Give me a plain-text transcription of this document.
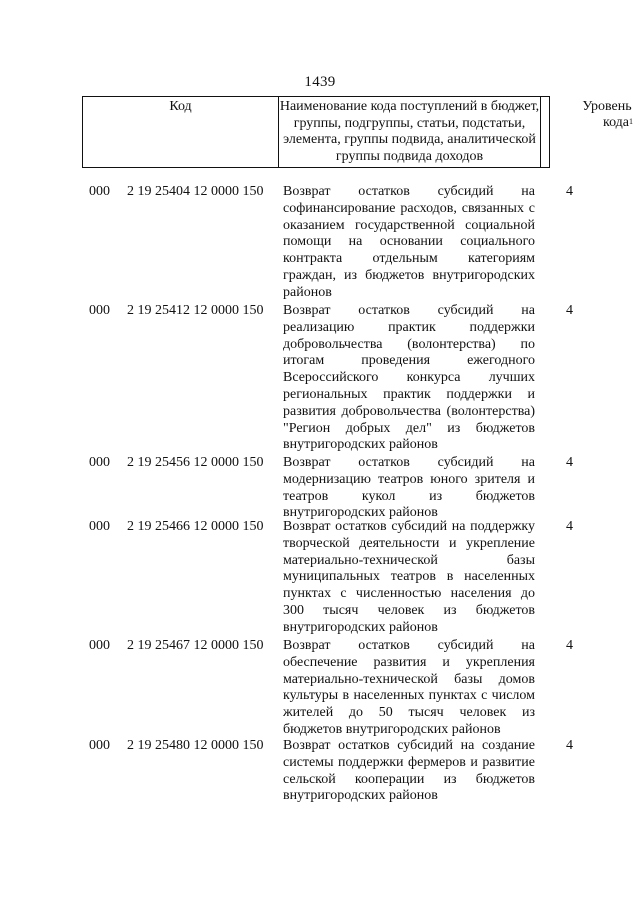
1439
Код	Наименование кода поступлений в бюджет, группы, подгруппы, статьи, подстатьи, элемента, группы подвида, аналитической группы подвида доходов
Уровень
кода$^1$
000 2 19 25404 12 0000 150 Возврат остатков субсидий на софинансирование расходов, связанных с оказанием государственной социальной помощи на основании социального контракта отдельным категориям граждан, из бюджетов внутригородских районов
4
000 2 19 25412 12 0000 150 Возврат остатков субсидий на реализацию практик поддержки добровольчества (волонтерства) по итогам проведения ежегодного Всероссийского конкурса лучших региональных практик поддержки и развития добровольчества (волонтерства) "Регион добрых дел" из бюджетов внутригородских районов
4
000 2 19 25456 12 0000 150 Возврат остатков субсидий на модернизацию театров юного зрителя и театров кукол из бюджетов внутригородских районов
4
000 2 19 25466 12 0000 150 Возврат остатков субсидий на поддержку творческой деятельности и укрепление материально-технической базы муниципальных театров в населенных пунктах с численностью населения до 300 тысяч человек из бюджетов внутригородских районов
4
000 2 19 25467 12 0000 150 Возврат остатков субсидий на обеспечение развития и укрепления материально-технической базы домов культуры в населенных пунктах с числом жителей до 50 тысяч человек из бюджетов внутригородских районов
4
000 2 19 25480 12 0000 150 Возврат остатков субсидий на создание системы поддержки фермеров и развитие сельской кооперации из бюджетов внутригородских районов
4
